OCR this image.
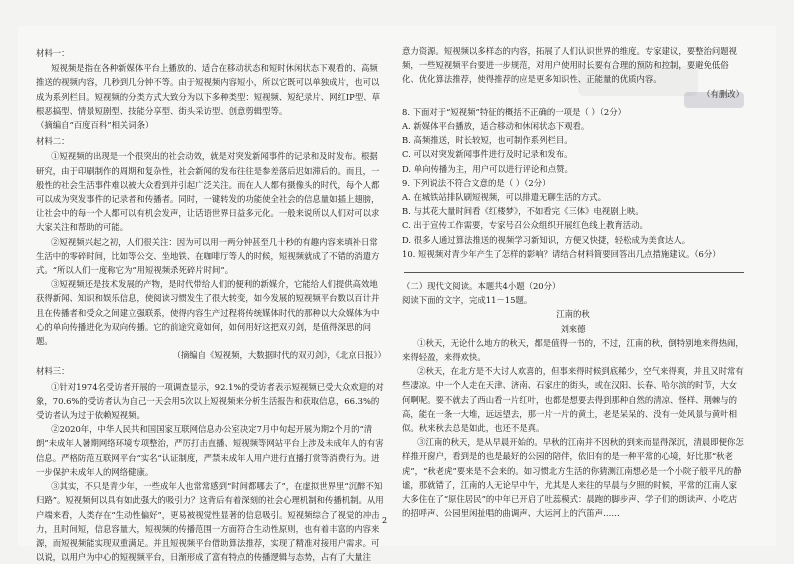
材料一：

短视频是指在各种新媒体平台上播放的、适合在移动状态和短时休闲状态下观看的、高频推送的视频内容，几秒到几分钟不等。由于短视频内容短小，所以它既可以单独成片，也可以成为系列栏目。短视频的分类方式大致分为以下多种类型：短视频、短纪录片、网红IP型、草根恶搞型、情景短剧型、技能分享型、街头采访型、创意剪辑型等。

（摘编自“百度百科”相关词条）

材料二：

①短视频的出现是一个很突出的社会动效，就是对突发新闻事件的记录和及时发布。根据研究，由于印刷制作的周期和复杂性，社会新闻的发布往往是参差落后迟如滞后的。而且，一般性的社会生活事件难以被大众看到并引起广泛关注。而在人人都有摄像头的时代，每个人都可以成为突发事件的记录者和传播者。同时，一键转发的功能使全社会的信息量如插上翅膀，让社会中的每一个人都可以有机会发声，让话语世界日益多元化。一般来说所以人们对可以求大家关注和帮助的可能。

②短视频兴起之初，人们很关注：因为可以用一两分钟甚至几十秒的有趣内容来填补日常生活中的零碎时间，比如等公交、坐地铁、在咖啡厅等人的时候，短视频就成了不错的消遣方式。“所以人们一度称它为“用短视频杀死碎片时间”。

③短视频还是技术发展的产物，是时代带给人们的便利的新媒介，它能给人们提供高效地获得新闻、知识和娱乐信息，使阅读习惯发生了很大转变，如今发展的短视频平台数以百计并且在传播者和受众之间建立强联系，使得内容生产过程将传统媒体时代的那种以大众媒体为中心的单向传播进化为双向传播。它的前途究竟如何，如何用好这把双刃剑，是值得深思的问题。

（摘编自《短视频，大数据时代的双刃剑》，《北京日报》）

材料三：

①针对1974名受访者开展的一项调查显示，92.1%的受访者表示短视频已受大众欢迎的对象，70.6%的受访者认为自己一天会用5次以上短视频来分析生活报告和获取信息，66.3%的受访者认为过于依赖短视频。

②2020年，中华人民共和国国家互联网信息办公室决定7月中旬起开展为期2个月的“清朗”未成年人暑期网络环境专项整治，严厉打击直播、短视频等网站平台上涉及未成年人的有害信息。严格防范互联网平台“实名”认证制度，严禁未成年人用户进行直播打赏等消费行为。进一步保护未成年人的网络健康。

③其实，不只是青少年，一些成年人也常常感到“时间都哪去了”，在虚拟世界里“沉醉不知归路”。短视频何以具有如此强大的吸引力？这背后有着深刻的社会心理机制和传播机制。从用户端来看，人类存在“生动性偏好”，更易被视觉性显著的信息吸引。短视频综合了视觉的冲击力，且时间短，信息容量大，短视频的传播范围一方面符合生动性原则，也有着丰富的内容来源，而短视频能实现双重满足。并且短视频平台借助算法推荐，实现了精准对接用户需求。可以说，以用户为中心的短视频平台，日渐形成了富有特点的传播逻辑与态势，占有了大量注

意力资源。短视频以多样态的内容，拓展了人们认识世界的维度。专家建议，要整治问题视频，一些短视频平台要进一步规范，对用户使用时长要有合理的预防和控制，要避免低俗化、优化算法推荐，使得推荐的应是更多知识性、正能量的优质内容。

（有删改）

8. 下面对于“短视频”特征的概括不正确的一项是（ ）（2分）

A. 新媒体平台播放，适合移动和休闲状态下观看。

B. 高频推送，时长较短，也可制作系列栏目。

C. 可以对突发新闻事件进行及时记录和发布。

D. 单向传播为主，用户可以进行评论和点赞。

9. 下列说法不符合文意的是（ ）（2分）

A. 在城铁站排队刷短视频，可以排遣无聊生活的方式。

B. 与其花大量时间看《红楼梦》，不如看完《三体》电视剧上映。

C. 出于宣传工作需要，专家号召公众组织开展红色线上教育活动。

D. 很多人通过算法推送的视频学习新知识，方便又快捷，轻松成为美食达人。

10. 短视频对青少年产生了怎样的影响？请结合材料简要回答出几点措施建议。（6分）

（二）现代文阅读。本题共4小题（20分）

阅读下面的文字，完成11－15题。

江南的秋

刘來德

①秋天，无论什么地方的秋天，都是值得一书的，不过，江南的秋，倒特别地来得热闹，来得轻盈，来得欢快。

②秋天，在北方是不大讨人欢喜的，但事来得时候到底稀少，空气来得爽，并且又时常有些凄凉。中一个人走在天津、济南、石家庄的街头，或在汉阳、长春、哈尔滨的时节，大女何啊呢。要不就去了西山看一片红叶，也都是想要去得到那种自然的清凉、怪样、荆棘与的高，能在一条一大堆，远远望去，那一片一片的黄土，老是呆呆的、没有一处风景与黄叶相似。秋来秋去总是如此，也还不是真。

③江南的秋天，是从早晨开始的。早秋的江南并不因秋的到来而显得深沉，清晨即便你怎样推开窗户，看到是的也是最好的公园的陪伴，依旧有的是一种平常的心境，好比那“秋老虎”，“秋老虎”要来是不会来的。如习惯北方生活的你猜测江南想必是一个小院子般平凡的静谧，那就错了，江南的人无论早中午，尤其是人来往的早晨与夕照的时候，平常的江南人家大多住在了“原住居民”的中年已开启了吐蕊模式：晨跑的脚步声、学子们的朗读声、小吃店的招呼声、公园里闲扯唱的曲调声、大运河上的汽笛声……

2
